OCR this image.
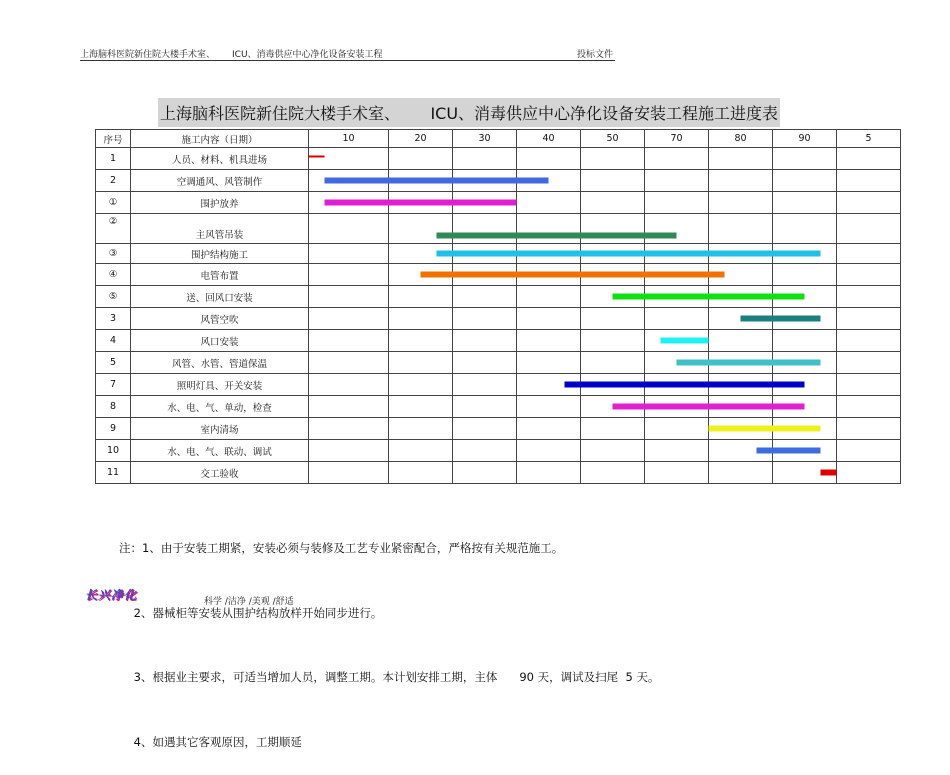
上海脑科医院新住院大楼手术室、 ICU、消毒供应中心净化设备安装工程	投标文件
上海脑科医院新住院大楼手术室、      ICU、消毒供应中心净化设备安装工程施工进度表
序号	施工内容（日期）	10	20	30	40	50	70	80	90	5
1	人员、材料、机具进场									
2	空调通风、风管制作									
①	围护放养									
②	主风管吊装									
③	围护结构施工									
④	电管布置									
⑤	送、回风口安装									
3	风管空吹									
4	风口安装									
5	风管、水管、管道保温									
7	照明灯具、开关安装									
8	水、电、气、单动，检查									
9	室内清场									
10	水、电、气、联动、调试									
11	交工验收									

注：1、由于安装工期紧，安装必须与装修及工艺专业紧密配合，严格按有关规范施工。

2、器械柜等安装从围护结构放样开始同步进行。

3、根据业主要求，可适当增加人员，调整工期。本计划安排工期，主体      90 天，调试及扫尾  5 天。

4、如遇其它客观原因，工期顺延

长兴净化	科学 /洁净 /美观 /舒适
